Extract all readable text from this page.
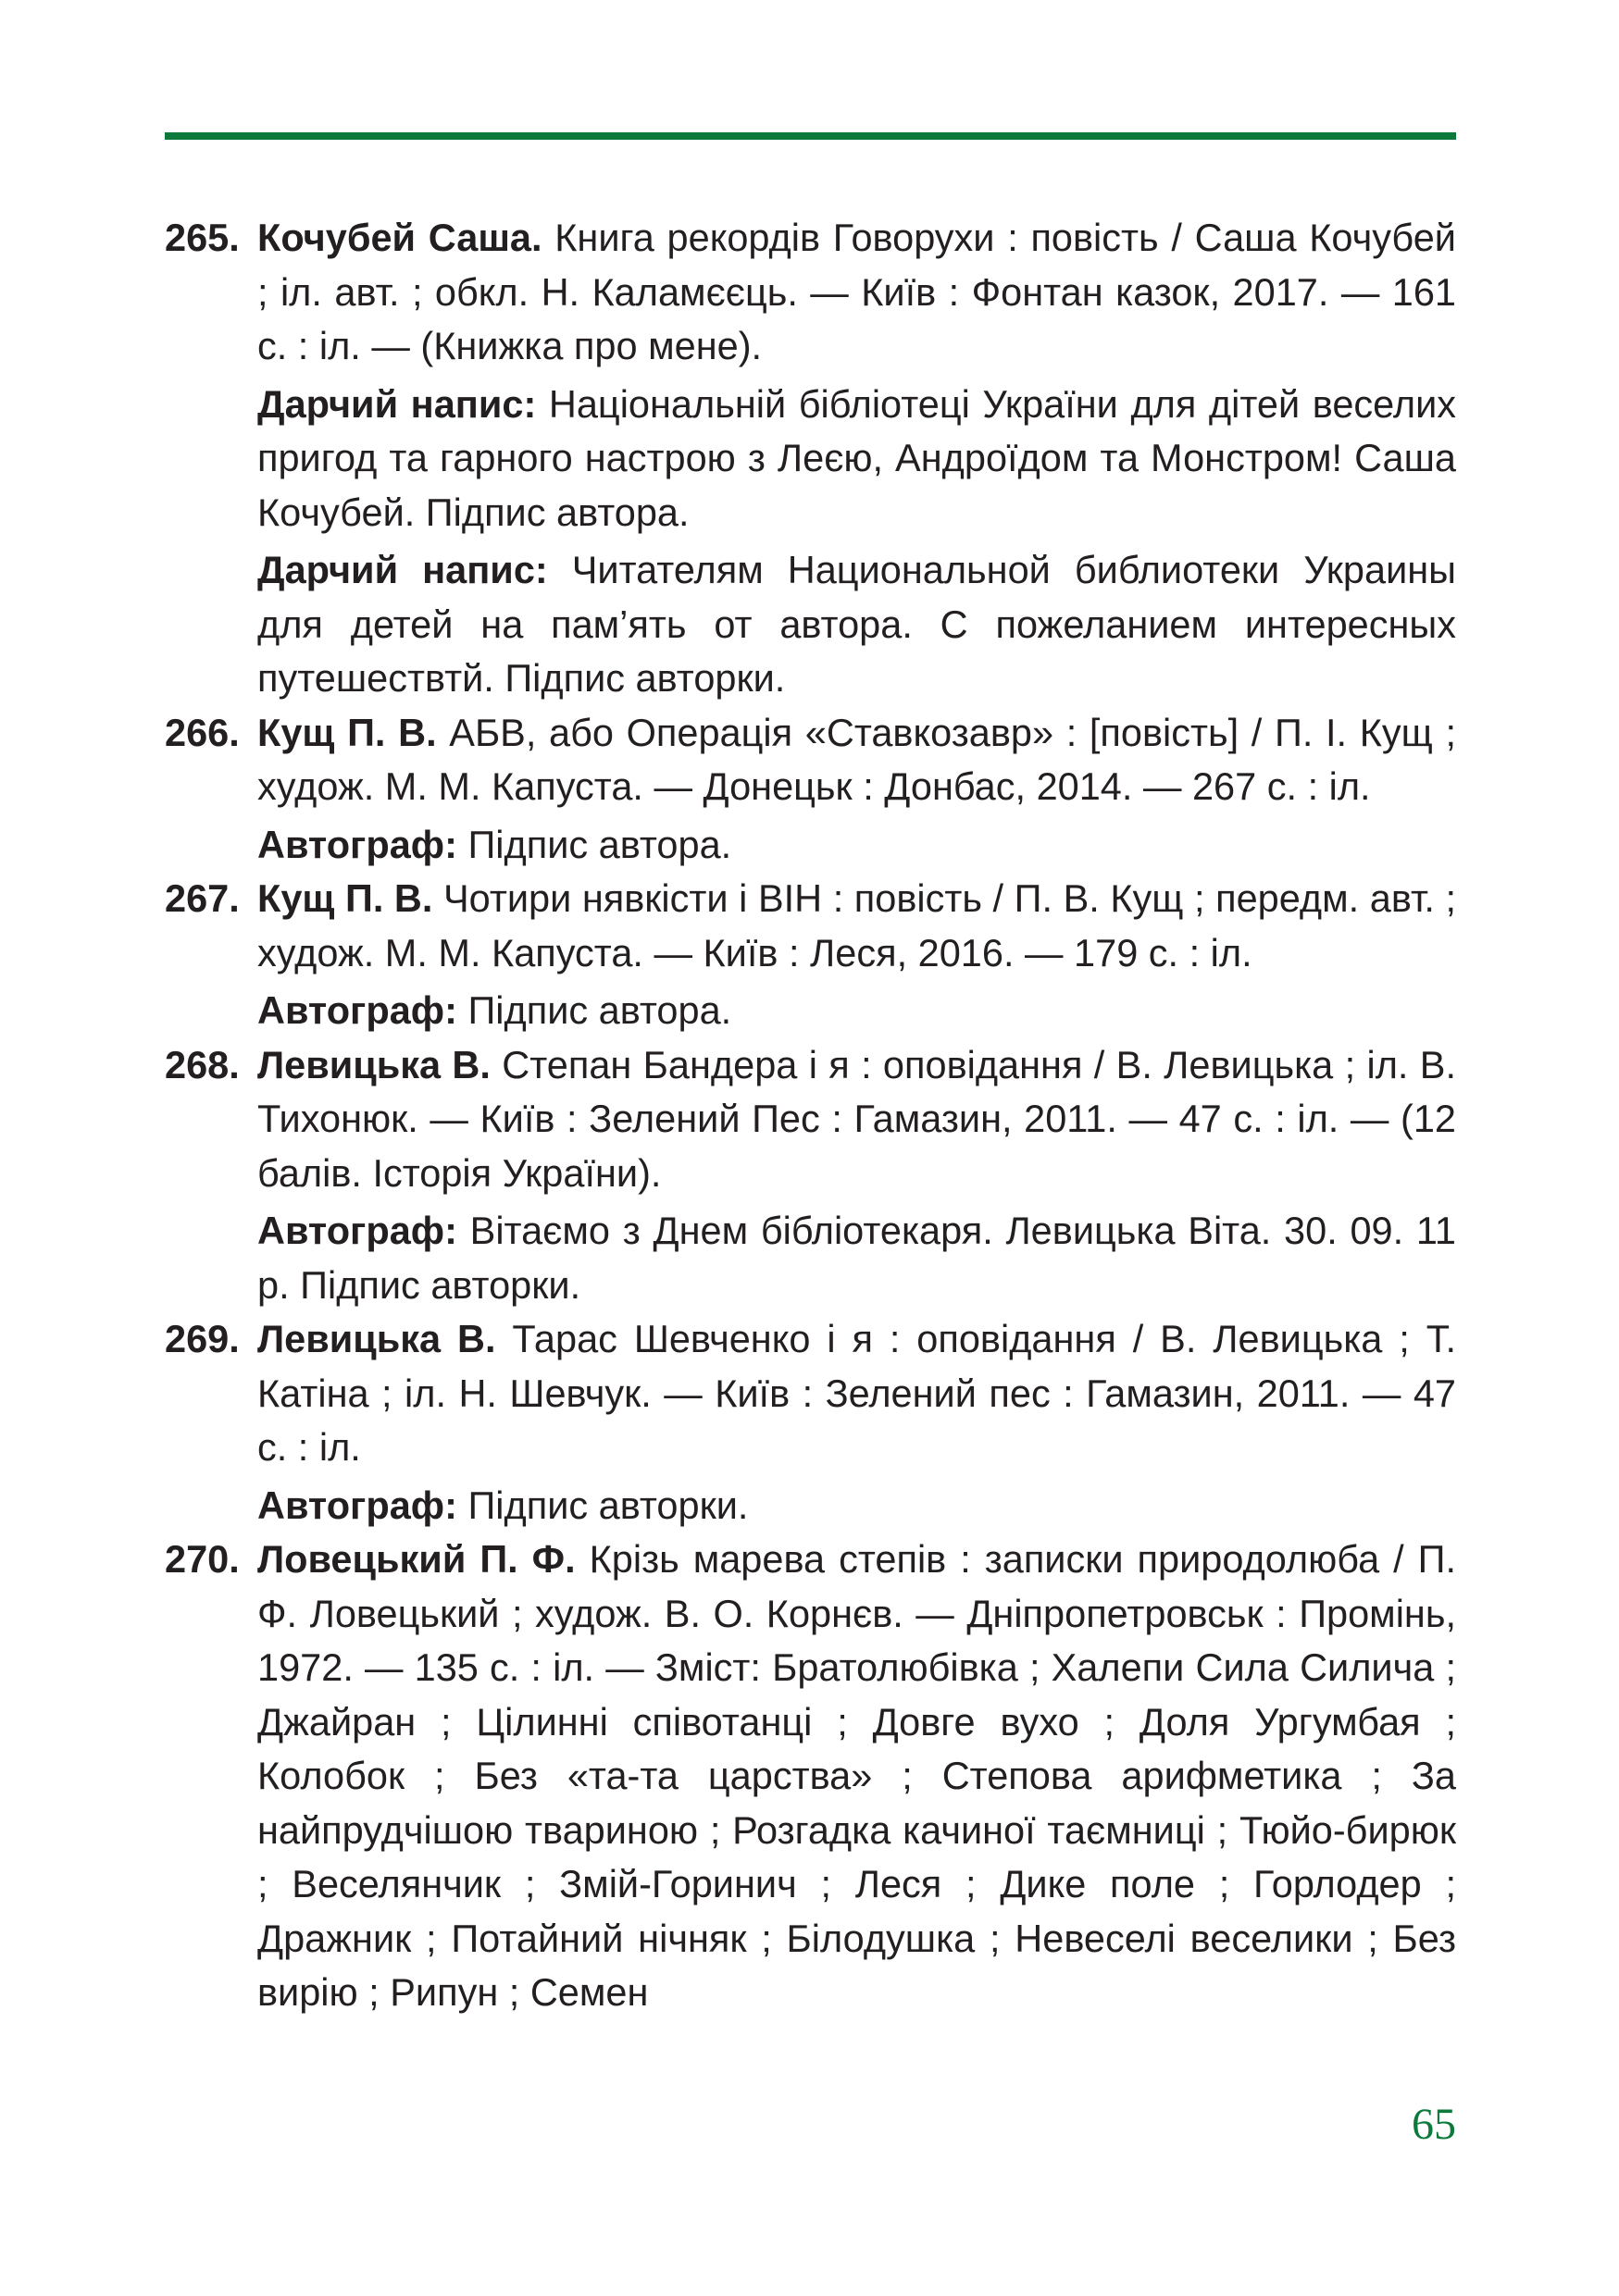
265. Кочубей Саша. Книга рекордів Говорухи : повість / Саша Кочубей ; іл. авт. ; обкл. Н. Каламєєць. — Київ : Фонтан казок, 2017. — 161 с. : іл. — (Книжка про мене).
Дарчий напис: Національній бібліотеці України для дітей веселих пригод та гарного настрою з Леєю, Андроїдом та Монстром! Саша Кочубей. Підпис автора.
Дарчий напис: Читателям Национальной библиотеки Украины для детей на пам’ять от автора. С пожеланием интересных путешествтй. Підпис авторки.
266. Кущ П. В. АБВ, або Операція «Ставкозавр» : [повість] / П. І. Кущ ; худож. М. М. Капуста. — Донецьк : Донбас, 2014. — 267 с. : іл.
Автограф: Підпис автора.
267. Кущ П. В. Чотири нявкісти і ВІН : повість / П. В. Кущ ; передм. авт. ; худож. М. М. Капуста. — Київ : Леся, 2016. — 179 с. : іл.
Автограф: Підпис автора.
268. Левицька В. Степан Бандера і я : оповідання / В. Левицька ; іл. В. Тихонюк. — Київ : Зелений Пес : Гамазин, 2011. — 47 с. : іл. — (12 балів. Історія України).
Автограф: Вітаємо з Днем бібліотекаря. Левицька Віта. 30. 09. 11 р. Підпис авторки.
269. Левицька В. Тарас Шевченко і я : оповідання / В. Левицька ; Т. Катіна ; іл. Н. Шевчук. — Київ : Зелений пес : Гамазин, 2011. — 47 с. : іл.
Автограф: Підпис авторки.
270. Ловецький П. Ф. Крізь марева степів : записки природолюба / П. Ф. Ловецький ; худож. В. О. Корнєв. — Дніпропетровськ : Промінь, 1972. — 135 с. : іл. — Зміст: Братолюбівка ; Халепи Сила Силича ; Джайран ; Цілинні співотанці ; Довге вухо ; Доля Ургумбая ; Колобок ; Без «та-та царства» ; Степова арифметика ; За найпрудчішою твариною ; Розгадка качиної таємниці ; Тюйо-бирюк ; Веселянчик ; Змій-Горинич ; Леся ; Дике поле ; Горлодер ; Дражник ; Потайний нічняк ; Білодушка ; Невеселі веселики ; Без вирію ; Рипун ; Семен
65
